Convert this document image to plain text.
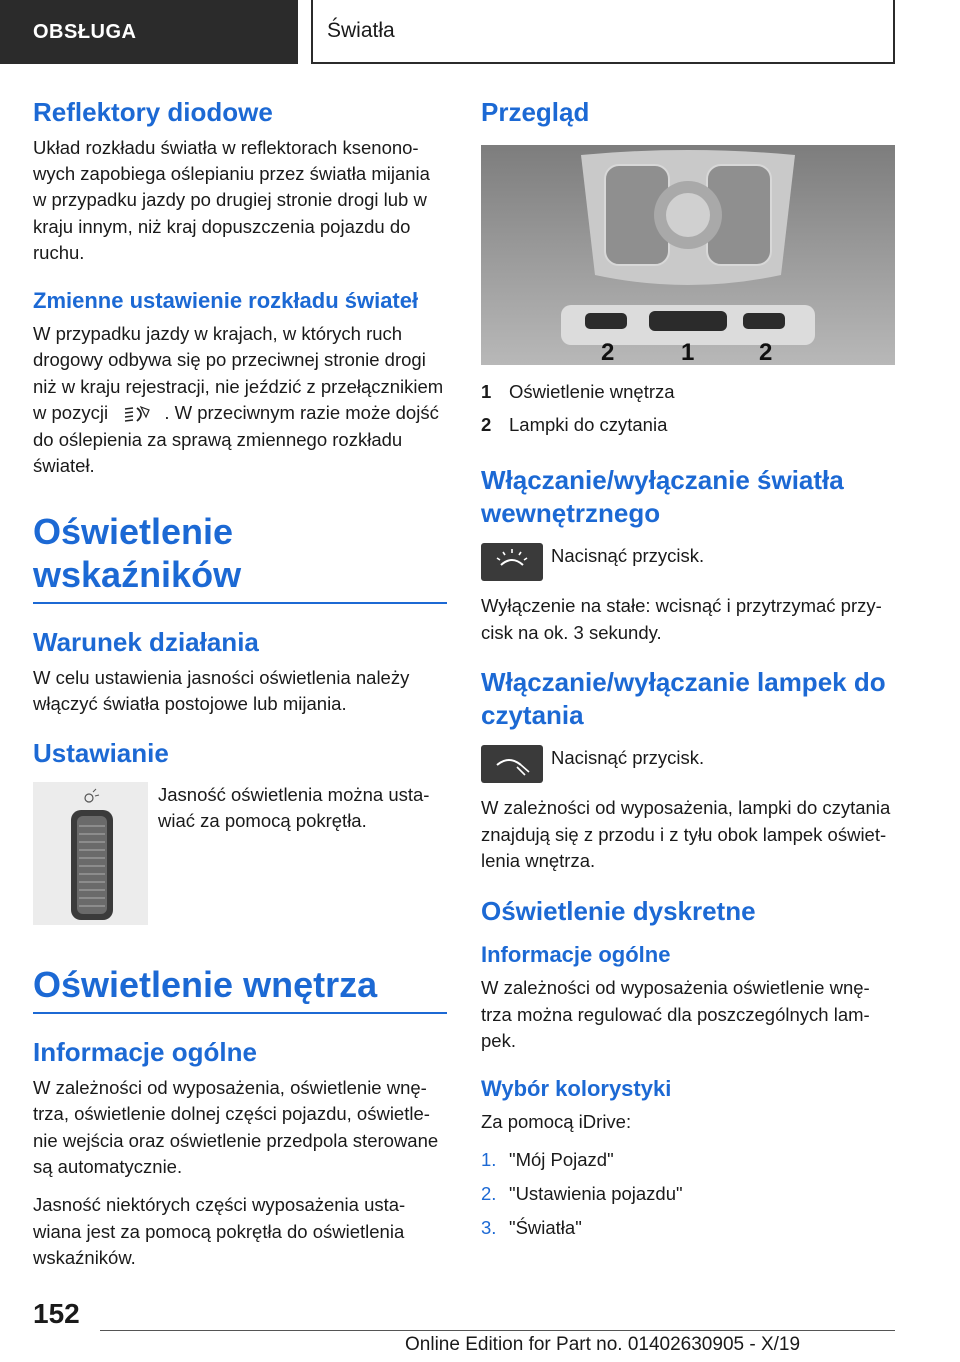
OBSŁUGA	Światła
Reflektory diodowe

Układ rozkładu światła w reflektorach ksenono-wych zapobiega oślepianiu przez światła mijania w przypadku jazdy po drugiej stronie drogi lub w kraju innym, niż kraj dopuszczenia pojazdu do ruchu.

Zmienne ustawienie rozkładu świateł

W przypadku jazdy w krajach, w których ruch drogowy odbywa się po przeciwnej stronie drogi niż w kraju rejestracji, nie jeździć z przełącznikiem w pozycji	. W przeciwnym razie może dojść do oślepienia za sprawą zmiennego rozkładu świateł.

Oświetlenie wskaźników
Warunek działania

W celu ustawienia jasności oświetlenia należy włączyć światła postojowe lub mijania.

Ustawianie

Jasność oświetlenia można usta-wiać za pomocą pokrętła.

Oświetlenie wnętrza
Informacje ogólne

W zależności od wyposażenia, oświetlenie wnę-trza, oświetlenie dolnej części pojazdu, oświetle-nie wejścia oraz oświetlenie przedpola sterowane są automatycznie.

Jasność niektórych części wyposażenia usta-wiana jest za pomocą pokrętła do oświetlenia wskaźników.

Przegląd
2	1	2
1 Oświetlenie wnętrza
2 Lampki do czytania
Włączanie/wyłączanie światła wewnętrznego

Nacisnąć przycisk.

Wyłączenie na stałe: wcisnąć i przytrzymać przy-cisk na ok. 3 sekundy.

Włączanie/wyłączanie lampek do czytania

Nacisnąć przycisk.

W zależności od wyposażenia, lampki do czytania znajdują się z przodu i z tyłu obok lampek oświet-lenia wnętrza.

Oświetlenie dyskretne
Informacje ogólne

W zależności od wyposażenia oświetlenie wnę-trza można regulować dla poszczególnych lam-pek.

Wybór kolorystyki

Za pomocą iDrive:

1. "Mój Pojazd"
2. "Ustawienia pojazdu"
3. "Światła"
152
Online Edition for Part no. 01402630905 - X/19
